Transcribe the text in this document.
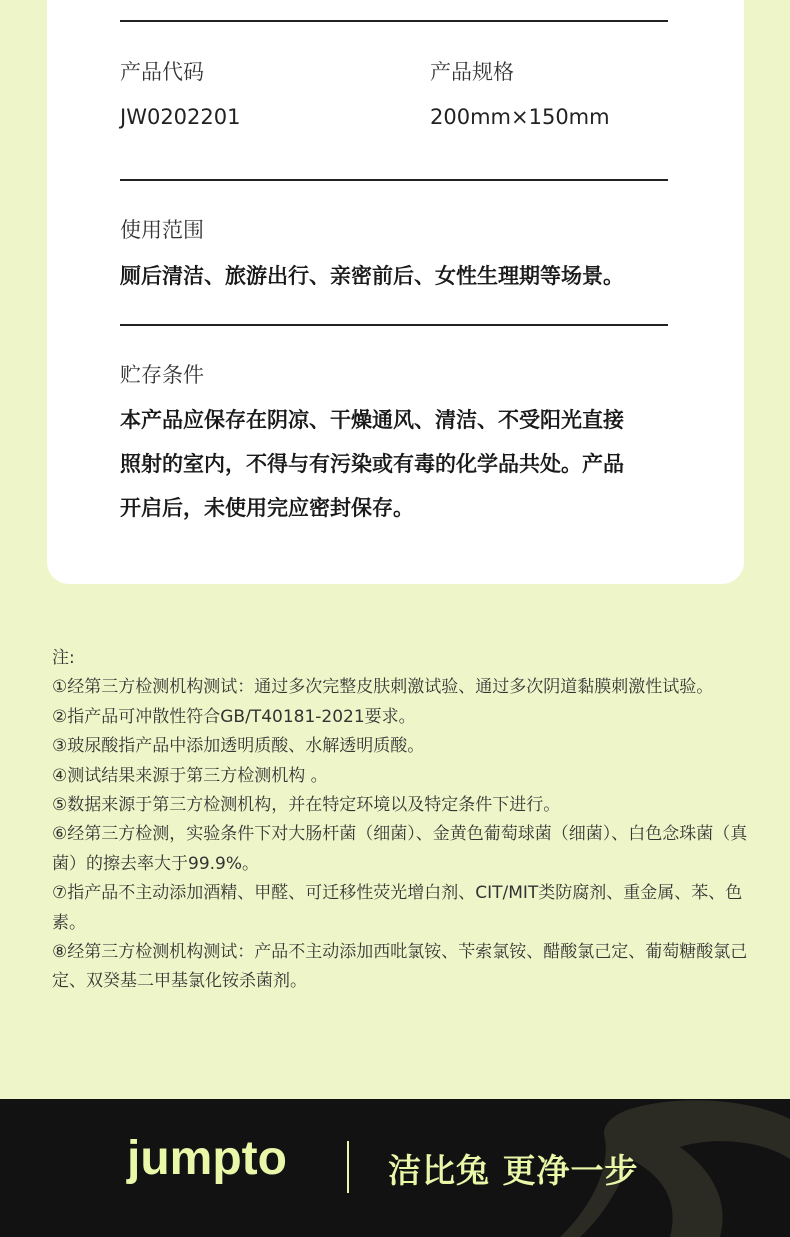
产品代码	产品规格
JW0202201	200mm×150mm
使用范围
厕后清洁、旅游出行、亲密前后、女性生理期等场景。
贮存条件
本产品应保存在阴凉、干燥通风、清洁、不受阳光直接
照射的室内，不得与有污染或有毒的化学品共处。产品
开启后，未使用完应密封保存。
注:
①经第三方检测机构测试：通过多次完整皮肤刺激试验、通过多次阴道黏膜刺激性试验。
②指产品可冲散性符合GB/T40181-2021要求。
③玻尿酸指产品中添加透明质酸、水解透明质酸。
④测试结果来源于第三方检测机构 。
⑤数据来源于第三方检测机构，并在特定环境以及特定条件下进行。
⑥经第三方检测，实验条件下对大肠杆菌（细菌）、金黄色葡萄球菌（细菌）、白色念珠菌（真菌）的擦去率大于99.9%。
⑦指产品不主动添加酒精、甲醛、可迁移性荧光增白剂、CIT/MIT类防腐剂、重金属、苯、色素。
⑧经第三方检测机构测试：产品不主动添加西吡氯铵、苄索氯铵、醋酸氯己定、葡萄糖酸氯己定、双癸基二甲基氯化铵杀菌剂。
jumpto	洁比兔 更净一步
